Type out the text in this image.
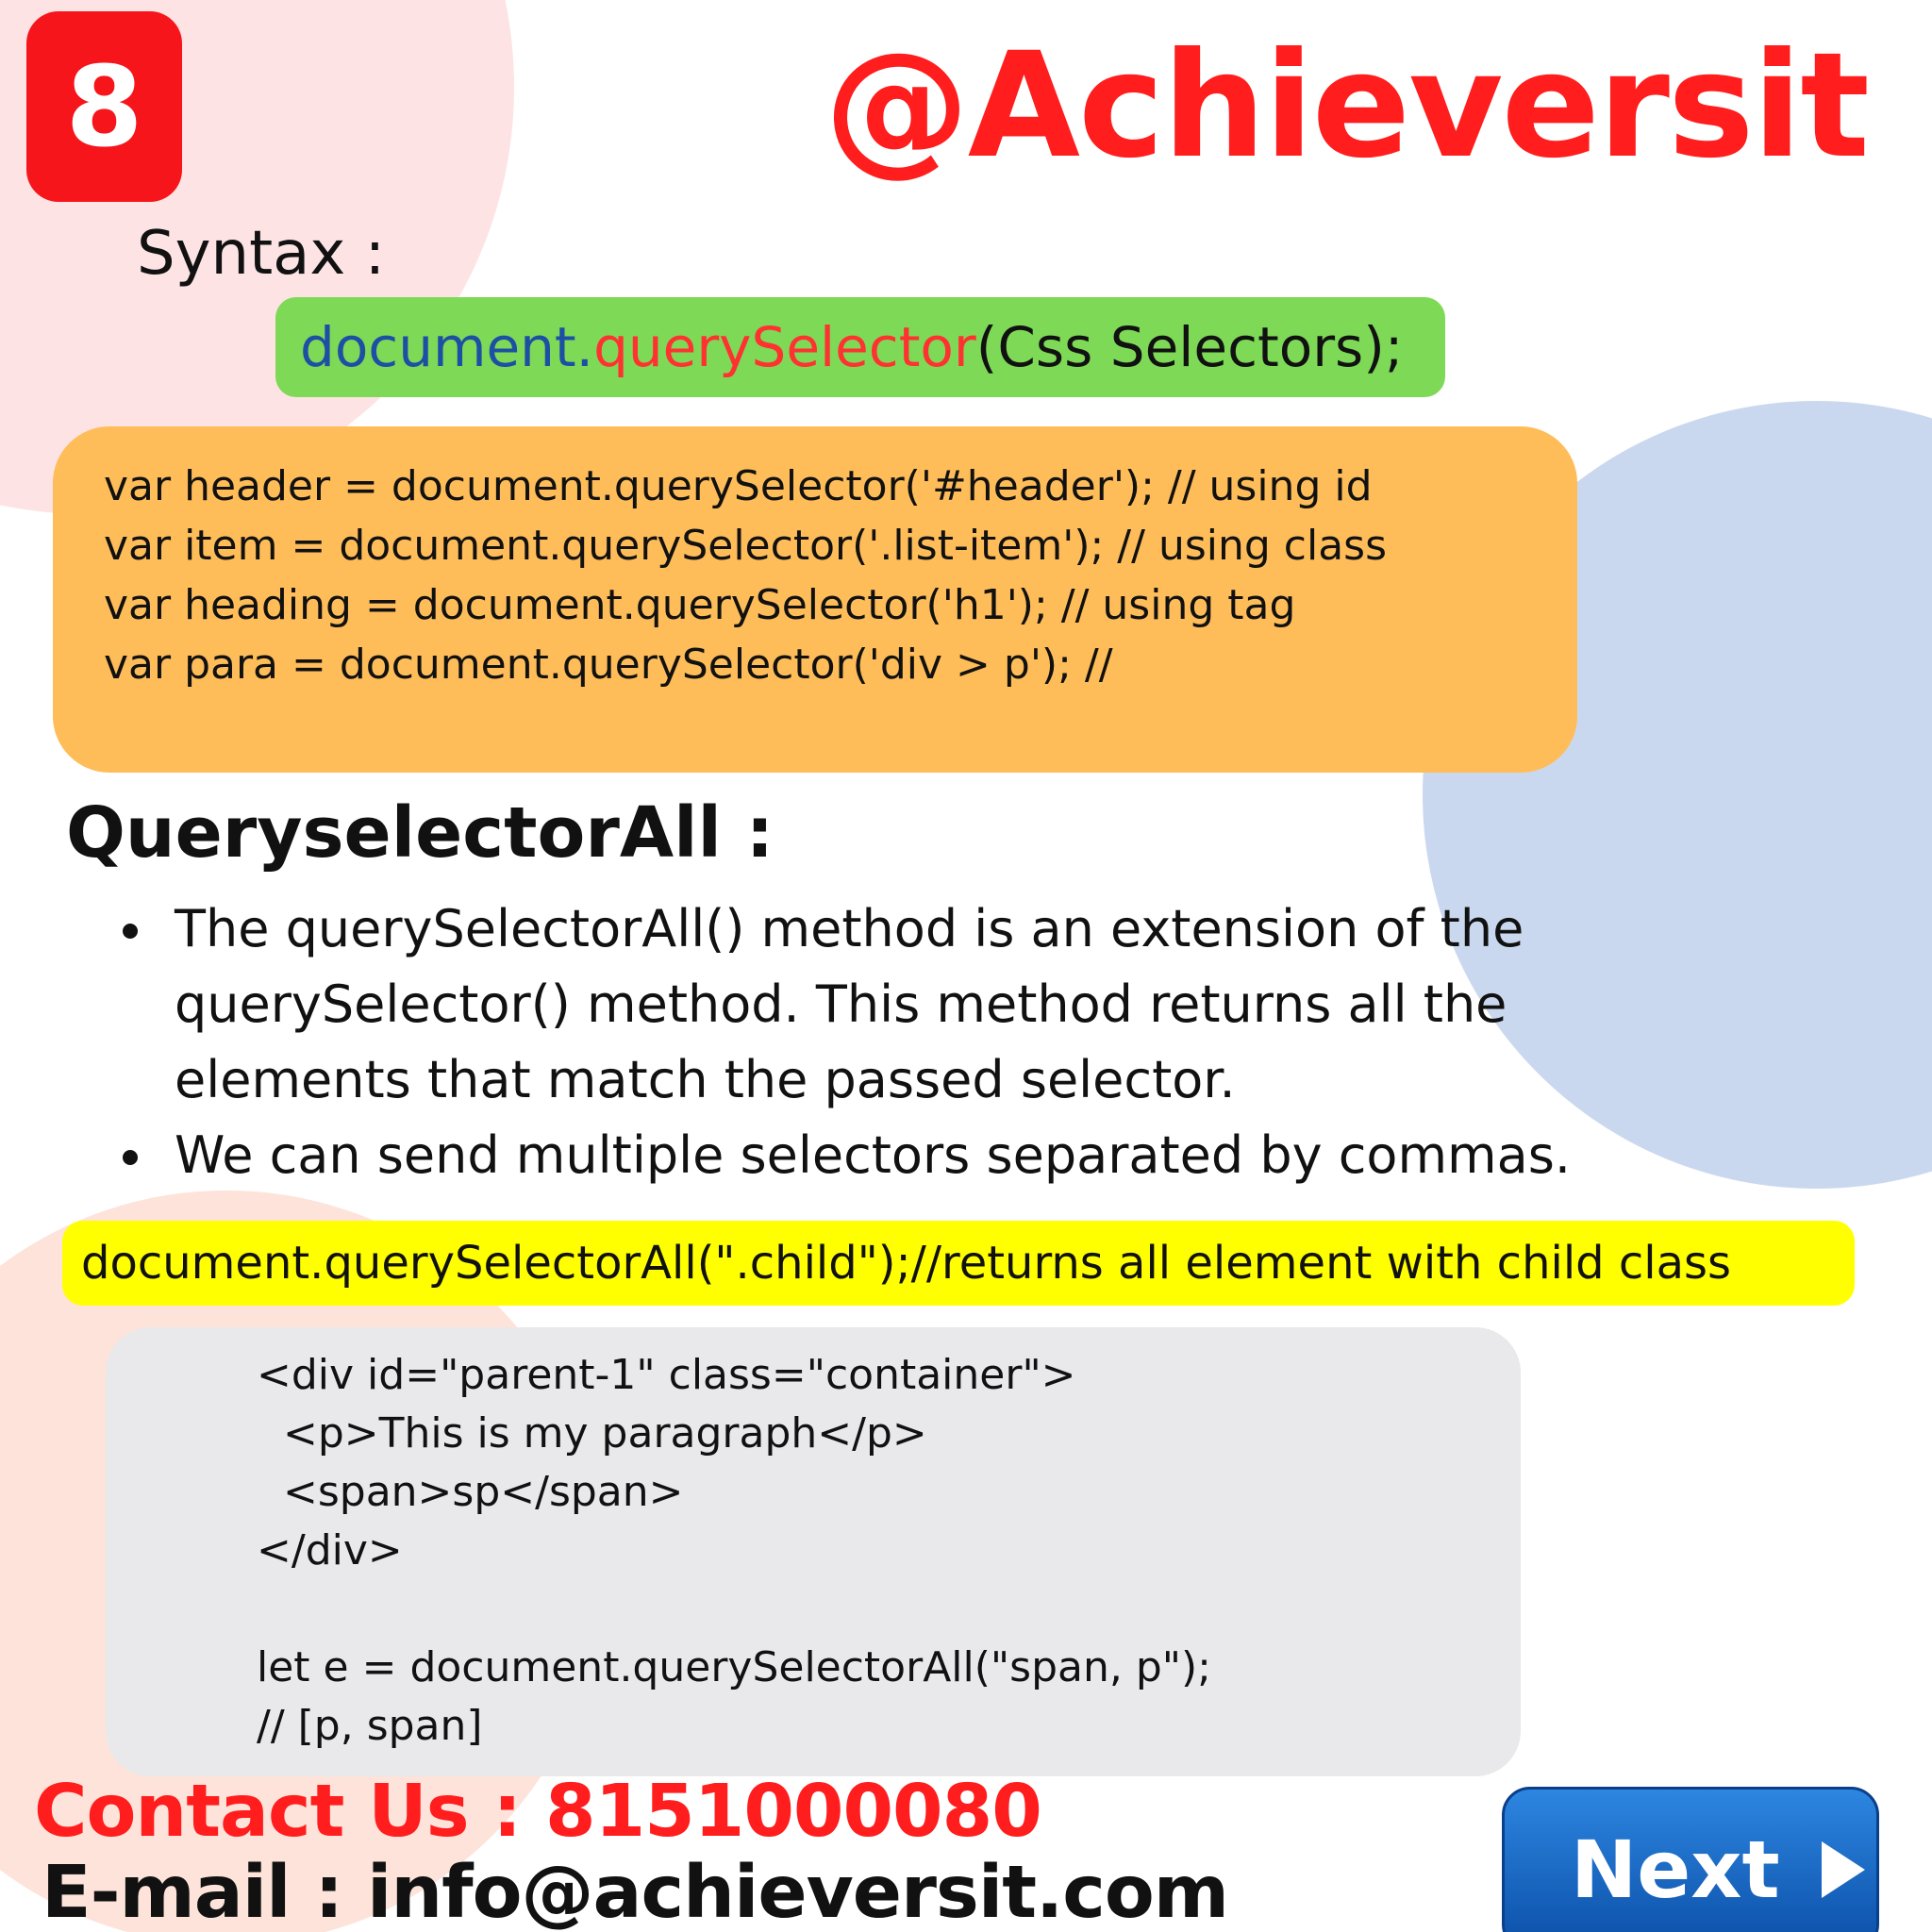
8	@Achieversit
Syntax :
document . querySelector (Css Selectors);
var header = document.querySelector('#header'); // using id
var item = document.querySelector('.list-item'); // using class
var heading = document.querySelector('h1'); // using tag
var para = document.querySelector('div > p'); //
QueryselectorAll :
The querySelectorAll() method is an extension of the querySelector() method. This method returns all the elements that match the passed selector.
We can send multiple selectors separated by commas.
document.querySelectorAll(".child");//returns all element with child class
<div id="parent-1" class="container">
<p>This is my paragraph</p>
<span>sp</span>
</div>
let e = document.querySelectorAll("span, p");
// [p, span]
Contact Us : 8151000080
E-mail : info@achieversit.com	Next
